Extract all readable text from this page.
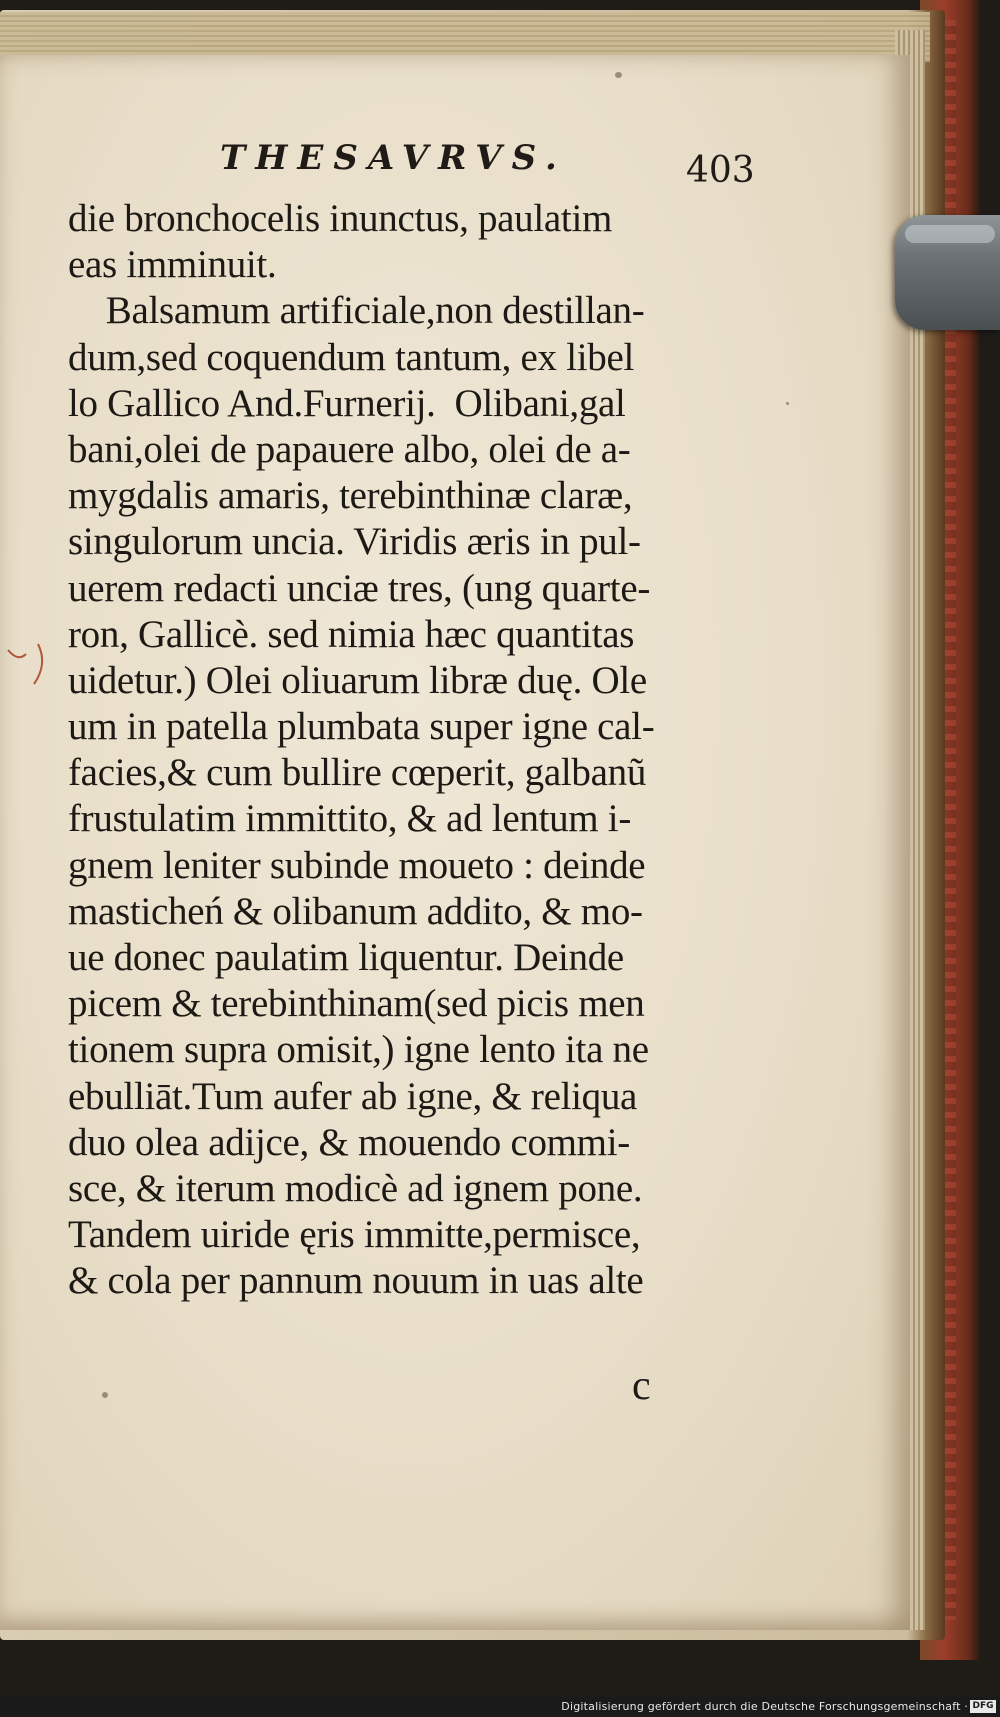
THESAVRVS.	403
die bronchocelis inunctus, paulatim
eas imminuit.
Balsamum artificiale,non destillan-
dum,sed coquendum tantum, ex libel
lo Gallico And.Furnerij.  Olibani,gal
bani,olei de papauere albo, olei de a-
mygdalis amaris, terebinthinæ claræ,
singulorum uncia. Viridis æris in pul-
uerem redacti unciæ tres, (ung quarte-
ron, Gallicè. sed nimia hæc quantitas
uidetur.) Olei oliuarum libræ duę. Ole
um in patella plumbata super igne cal-
facies,& cum bullire cœperit, galbanũ
frustulatim immittito, & ad lentum i-
gnem leniter subinde moueto : deinde
masticheń & olibanum addito, & mo-
ue donec paulatim liquentur. Deinde
picem & terebinthinam(sed picis men
tionem supra omisit,) igne lento ita ne
ebulliāt.Tum aufer ab igne, & reliqua
duo olea adijce, & mouendo commi-
sce, & iterum modicè ad ignem pone.
Tandem uiride ęris immitte,permisce,
& cola per pannum nouum in uas alte
c
Digitalisierung gefördert durch die Deutsche Forschungsgemeinschaft · DFG
